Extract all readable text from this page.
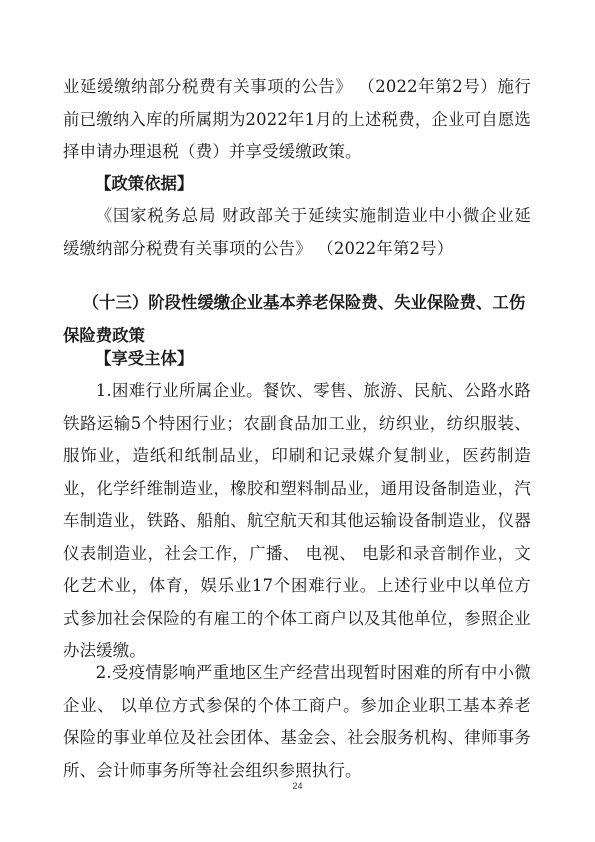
业延缓缴纳部分税费有关事项的公告》 （2022年第2号）施行前已缴纳入库的所属期为2022年1月的上述税费，企业可自愿选择申请办理退税（费）并享受缓缴政策。
【政策依据】
《国家税务总局 财政部关于延续实施制造业中小微企业延缓缴纳部分税费有关事项的公告》 （2022年第2号）
（十三）阶段性缓缴企业基本养老保险费、失业保险费、工伤保险费政策
【享受主体】
1.困难行业所属企业。餐饮、零售、旅游、民航、公路水路铁路运输5个特困行业；农副食品加工业，纺织业，纺织服装、服饰业，造纸和纸制品业，印刷和记录媒介复制业，医药制造业，化学纤维制造业，橡胶和塑料制品业，通用设备制造业，汽车制造业，铁路、船舶、航空航天和其他运输设备制造业，仪器仪表制造业，社会工作，广播、 电视、 电影和录音制作业，文化艺术业，体育，娱乐业17个困难行业。上述行业中以单位方式参加社会保险的有雇工的个体工商户以及其他单位，参照企业办法缓缴。
2.受疫情影响严重地区生产经营出现暂时困难的所有中小微企业、 以单位方式参保的个体工商户。参加企业职工基本养老保险的事业单位及社会团体、基金会、社会服务机构、律师事务所、会计师事务所等社会组织参照执行。
24
